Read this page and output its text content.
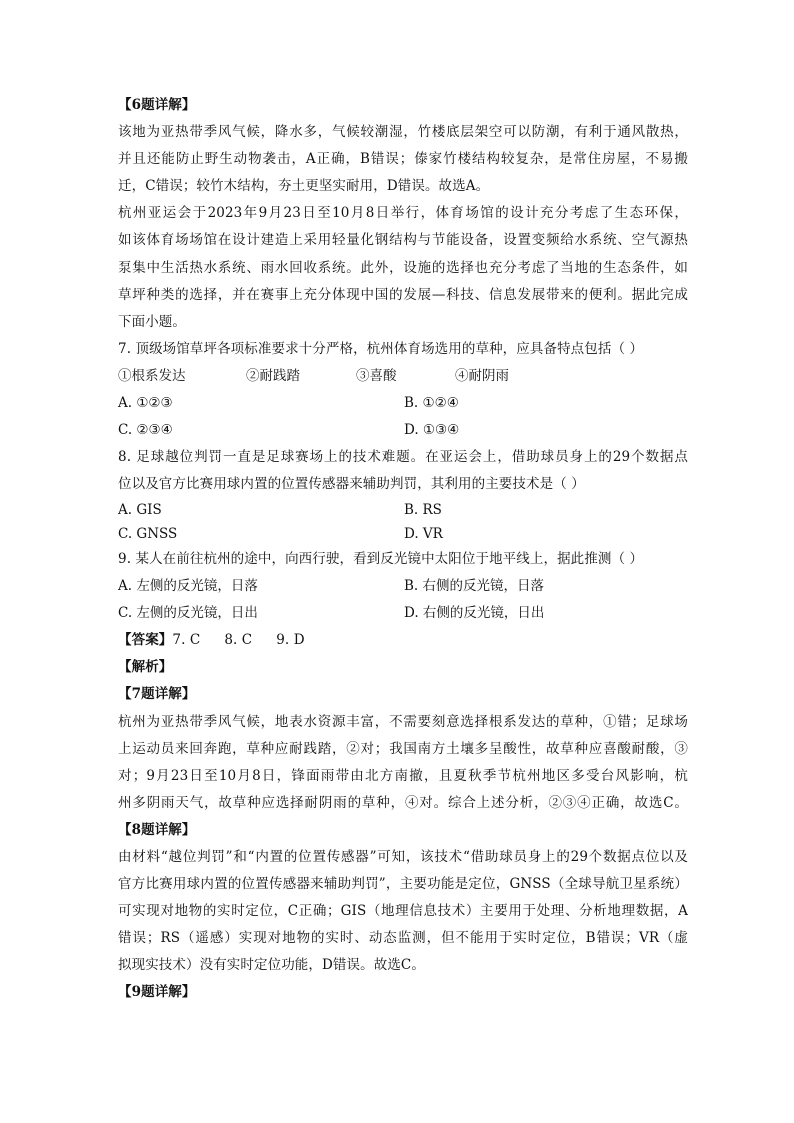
【6题详解】
该地为亚热带季风气候，降水多，气候较潮湿，竹楼底层架空可以防潮，有利于通风散热，
并且还能防止野生动物袭击，A正确，B错误；傣家竹楼结构较复杂，是常住房屋，不易搬
迁，C错误；较竹木结构，夯土更坚实耐用，D错误。故选A。
杭州亚运会于2023年9月23日至10月8日举行，体育场馆的设计充分考虑了生态环保，
如该体育场场馆在设计建造上采用轻量化钢结构与节能设备，设置变频给水系统、空气源热
泵集中生活热水系统、雨水回收系统。此外，设施的选择也充分考虑了当地的生态条件，如
草坪种类的选择，并在赛事上充分体现中国的发展—科技、信息发展带来的便利。据此完成
下面小题。
7. 顶级场馆草坪各项标准要求十分严格，杭州体育场选用的草种，应具备特点包括（ ）
①根系发达	②耐践踏	③喜酸	④耐阴雨
A. ①②③	B. ①②④
C. ②③④	D. ①③④
8. 足球越位判罚一直是足球赛场上的技术难题。在亚运会上，借助球员身上的29个数据点
位以及官方比赛用球内置的位置传感器来辅助判罚，其利用的主要技术是（ ）
A. GIS	B. RS
C. GNSS	D. VR
9. 某人在前往杭州的途中，向西行驶，看到反光镜中太阳位于地平线上，据此推测（ ）
A. 左侧的反光镜，日落	B. 右侧的反光镜，日落
C. 左侧的反光镜，日出	D. 右侧的反光镜，日出
【答案】7. C 8. C 9. D
【解析】
【7题详解】
杭州为亚热带季风气候，地表水资源丰富，不需要刻意选择根系发达的草种，①错；足球场
上运动员来回奔跑，草种应耐践踏，②对；我国南方土壤多呈酸性，故草种应喜酸耐酸，③
对；9月23日至10月8日，锋面雨带由北方南撤，且夏秋季节杭州地区多受台风影响，杭
州多阴雨天气，故草种应选择耐阴雨的草种，④对。综合上述分析，②③④正确，故选C。
【8题详解】
由材料“越位判罚”和“内置的位置传感器”可知，该技术“借助球员身上的29个数据点位以及
官方比赛用球内置的位置传感器来辅助判罚”，主要功能是定位，GNSS（全球导航卫星系统）
可实现对地物的实时定位，C正确；GIS（地理信息技术）主要用于处理、分析地理数据，A
错误；RS（遥感）实现对地物的实时、动态监测，但不能用于实时定位，B错误；VR（虚
拟现实技术）没有实时定位功能，D错误。故选C。
【9题详解】
